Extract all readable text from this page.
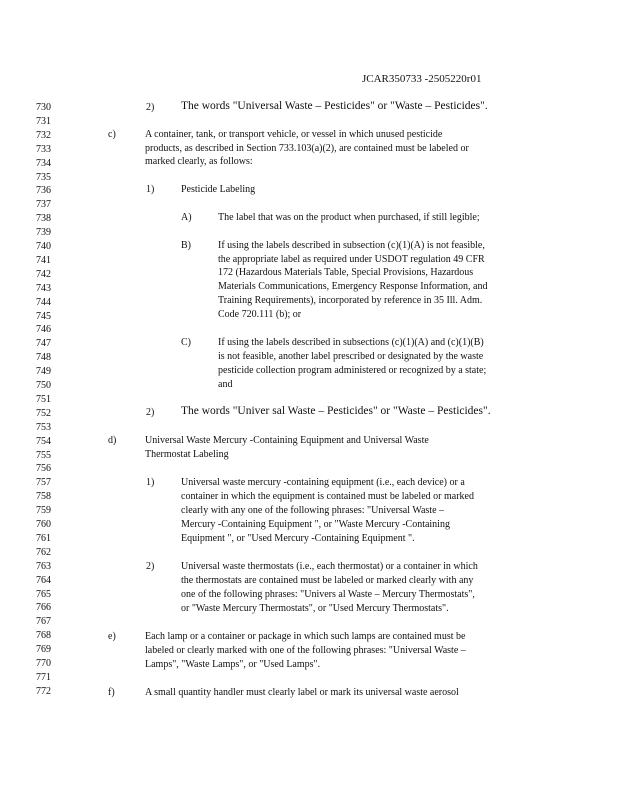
JCAR350733 -2505220r01
730
731
732
733
734
735
736
737
738
739
740
741
742
743
744
745
746
747
748
749
750
751
752
753
754
755
756
757
758
759
760
761
762
763
764
765
766
767
768
769
770
771
772
2) The words "Universal Waste – Pesticides" or "Waste – Pesticides".
c)	A container, tank, or transport vehicle, or vessel in which unused pesticide
products, as described in Section 733.103(a)(2), are contained must be labeled or
marked clearly, as follows:
1)	Pesticide Labeling
A)	The label that was on the product when purchased, if still legible;
B)	If using the labels described in subsection (c)(1)(A) is not feasible,
the appropriate label as required under USDOT regulation 49 CFR
172 (Hazardous Materials Table, Special Provisions, Hazardous
Materials Communications, Emergency Response Information, and
Training Requirements), incorporated by reference in 35 Ill. Adm.
Code 720.111 (b); or
C)	If using the labels described in subsections (c)(1)(A) and (c)(1)(B)
is not feasible, another label prescribed or designated by the waste
pesticide collection program administered or recognized by a state;
and
2) The words "Univer sal Waste – Pesticides" or "Waste – Pesticides".
d)	Universal Waste Mercury -Containing Equipment and Universal Waste
Thermostat Labeling
1)	Universal waste mercury -containing equipment (i.e., each device) or a
container in which the equipment is contained must be labeled or marked
clearly with any one of the following phrases: "Universal Waste –
Mercury -Containing Equipment ", or "Waste Mercury -Containing
Equipment ", or "Used Mercury -Containing Equipment ".
2)	Universal waste thermostats (i.e., each thermostat) or a container in which
the thermostats are contained must be labeled or marked clearly with any
one of the following phrases: "Univers al Waste – Mercury Thermostats",
or "Waste Mercury Thermostats", or "Used Mercury Thermostats".
e)	Each lamp or a container or package in which such lamps are contained must be
labeled or clearly marked with one of the following phrases: "Universal Waste –
Lamps", "Waste Lamps", or "Used Lamps".
f)	A small quantity handler must clearly label or mark its universal waste aerosol
